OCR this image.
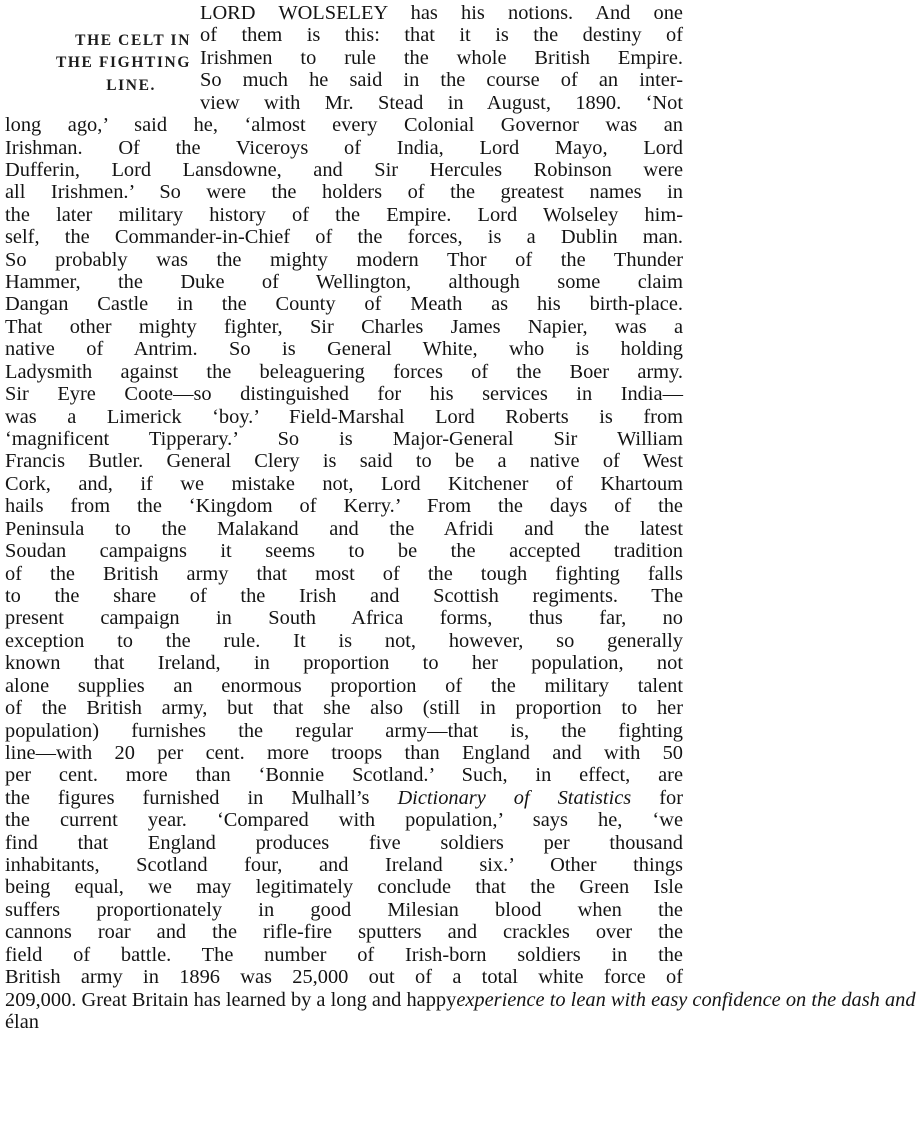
THE CELT IN
THE FIGHTING
LINE.
LORD WOLSELEY has his notions. And one
of them is this: that it is the destiny of
Irishmen to rule the whole British Empire.
So much he said in the course of an inter-
view with Mr. Stead in August, 1890. ‘Not
long ago,’ said he, ‘almost every Colonial Governor was an
Irishman. Of the Viceroys of India, Lord Mayo, Lord
Dufferin, Lord Lansdowne, and Sir Hercules Robinson were
all Irishmen.’ So were the holders of the greatest names in
the later military history of the Empire. Lord Wolseley him-
self, the Commander-in-Chief of the forces, is a Dublin man.
So probably was the mighty modern Thor of the Thunder
Hammer, the Duke of Wellington, although some claim
Dangan Castle in the County of Meath as his birth-place.
That other mighty fighter, Sir Charles James Napier, was a
native of Antrim. So is General White, who is holding
Ladysmith against the beleaguering forces of the Boer army.
Sir Eyre Coote—so distinguished for his services in India—
was a Limerick ‘boy.’ Field-Marshal Lord Roberts is from
‘magnificent Tipperary.’ So is Major-General Sir William
Francis Butler. General Clery is said to be a native of West
Cork, and, if we mistake not, Lord Kitchener of Khartoum
hails from the ‘Kingdom of Kerry.’ From the days of the
Peninsula to the Malakand and the Afridi and the latest
Soudan campaigns it seems to be the accepted tradition
of the British army that most of the tough fighting falls
to the share of the Irish and Scottish regiments. The
present campaign in South Africa forms, thus far, no
exception to the rule. It is not, however, so generally
known that Ireland, in proportion to her population, not
alone supplies an enormous proportion of the military talent
of the British army, but that she also (still in proportion to her
population) furnishes the regular army—that is, the fighting
line—with 20 per cent. more troops than England and with 50
per cent. more than ‘Bonnie Scotland.’ Such, in effect, are
the figures furnished in Mulhall’s Dictionary of Statistics for
the current year. ‘Compared with population,’ says he, ‘we
find that England produces five soldiers per thousand
inhabitants, Scotland four, and Ireland six.’ Other things
being equal, we may legitimately conclude that the Green Isle
suffers proportionately in good Milesian blood when the
cannons roar and the rifle-fire sputters and crackles over the
field of battle. The number of Irish-born soldiers in the
British army in 1896 was 25,000 out of a total white force of
209,000. Great Britain has learned by a long and happyexperience to lean with easy confidence on the dash and
élan
